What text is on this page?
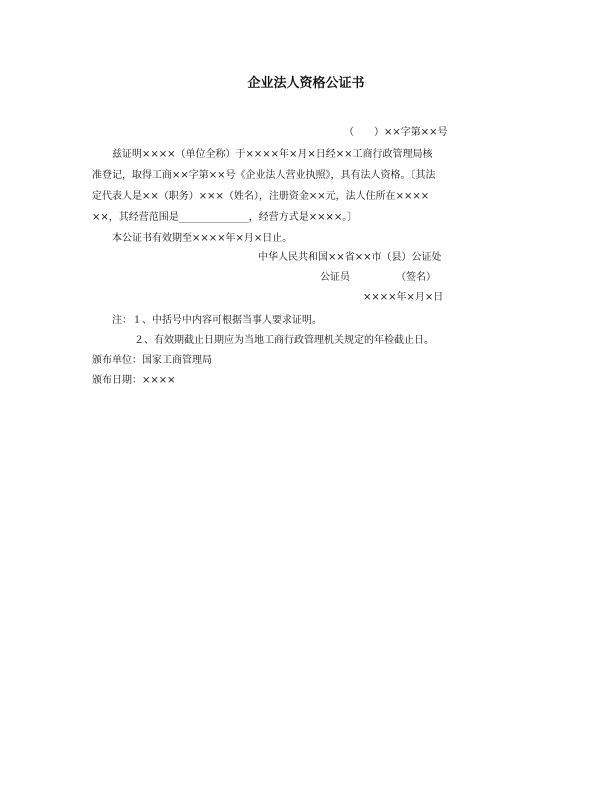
企业法人资格公证书
（　　）××字第××号
兹证明××××（单位全称）于××××年×月×日经××工商行政管理局核
准登记，取得工商××字第××号《企业法人营业执照》，具有法人资格。〔其法
定代表人是××（职务）×××（姓名），注册资金××元，法人住所在××××
××，其经营范围是______________，经营方式是××××。〕
本公证书有效期至××××年×月×日止。
中华人民共和国××省××市（县）公证处
公证员	（签名）
××××年×月×日
注：１、中括号中内容可根据当事人要求证明。
２、有效期截止日期应为当地工商行政管理机关规定的年检截止日。
颁布单位：国家工商管理局
颁布日期：××××
